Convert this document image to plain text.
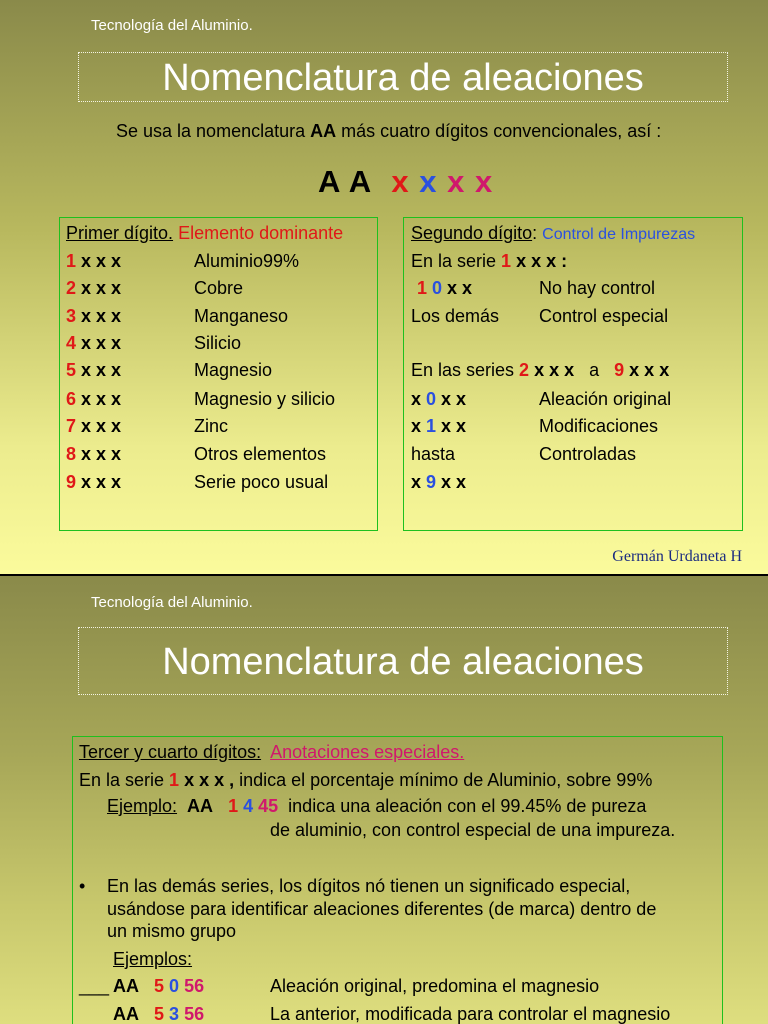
Tecnología del Aluminio.
Nomenclatura de aleaciones
Se usa la nomenclatura AA más cuatro dígitos convencionales, así :
A A x x x x
Primer dígito. Elemento dominante
1 x x x	Aluminio99%
2 x x x	Cobre
3 x x x	Manganeso
4 x x x	Silicio
5 x x x	Magnesio
6 x x x	Magnesio y silicio
7 x x x	Zinc
8 x x x	Otros elementos
9 x x x	Serie poco usual
Segundo dígito: Control de Impurezas
En la serie 1 x x x :
1 0 x x	No hay control
Los demás Control especial
En las series 2 x x x a 9 x x x
x 0 x x	Aleación original
x 1 x x	Modificaciones
hasta	Controladas
x 9 x x
Germán Urdaneta H
Tecnología del Aluminio.
Nomenclatura de aleaciones
Tercer y cuarto dígitos: Anotaciones especiales.
En la serie 1 x x x , indica el porcentaje mínimo de Aluminio, sobre 99%
Ejemplo: AA 1 4 45 indica una aleación con el 99.45% de pureza
de aluminio, con control especial de una impureza.
• En las demás series, los dígitos nó tienen un significado especial,
usándose para identificar aleaciones diferentes (de marca) dentro de
un mismo grupo
Ejemplos:
___ AA 5 0 56	Aleación original, predomina el magnesio
AA 5 3 56	La anterior, modificada para controlar el magnesio
